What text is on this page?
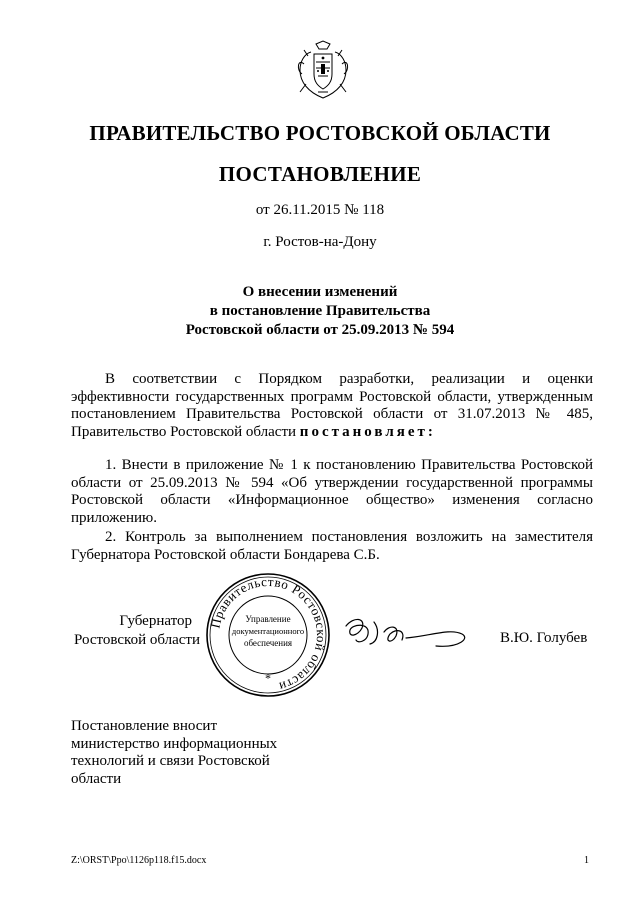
ПРАВИТЕЛЬСТВО РОСТОВСКОЙ ОБЛАСТИ
ПОСТАНОВЛЕНИЕ
от 26.11.2015 № 118
г. Ростов-на-Дону
О внесении изменений
в постановление Правительства
Ростовской области от 25.09.2013 № 594
В соответствии с Порядком разработки, реализации и оценки эффективности государственных программ Ростовской области, утвержденным постановлением Правительства Ростовской области от 31.07.2013 № 485, Правительство Ростовской области постановляет:
1. Внести в приложение № 1 к постановлению Правительства Ростовской области от 25.09.2013 № 594 «Об утверждении государственной программы Ростовской области «Информационное общество» изменения согласно приложению.
2. Контроль за выполнением постановления возложить на заместителя Губернатора Ростовской области Бондарева С.Б.
Губернатор
Ростовской области
Правительство Ростовской области
Управление
документационного
обеспечения
*
В.Ю. Голубев
Постановление вносит
министерство информационных
технологий и связи Ростовской
области
Z:\ORST\Ppo\1126p118.f15.docx	1
